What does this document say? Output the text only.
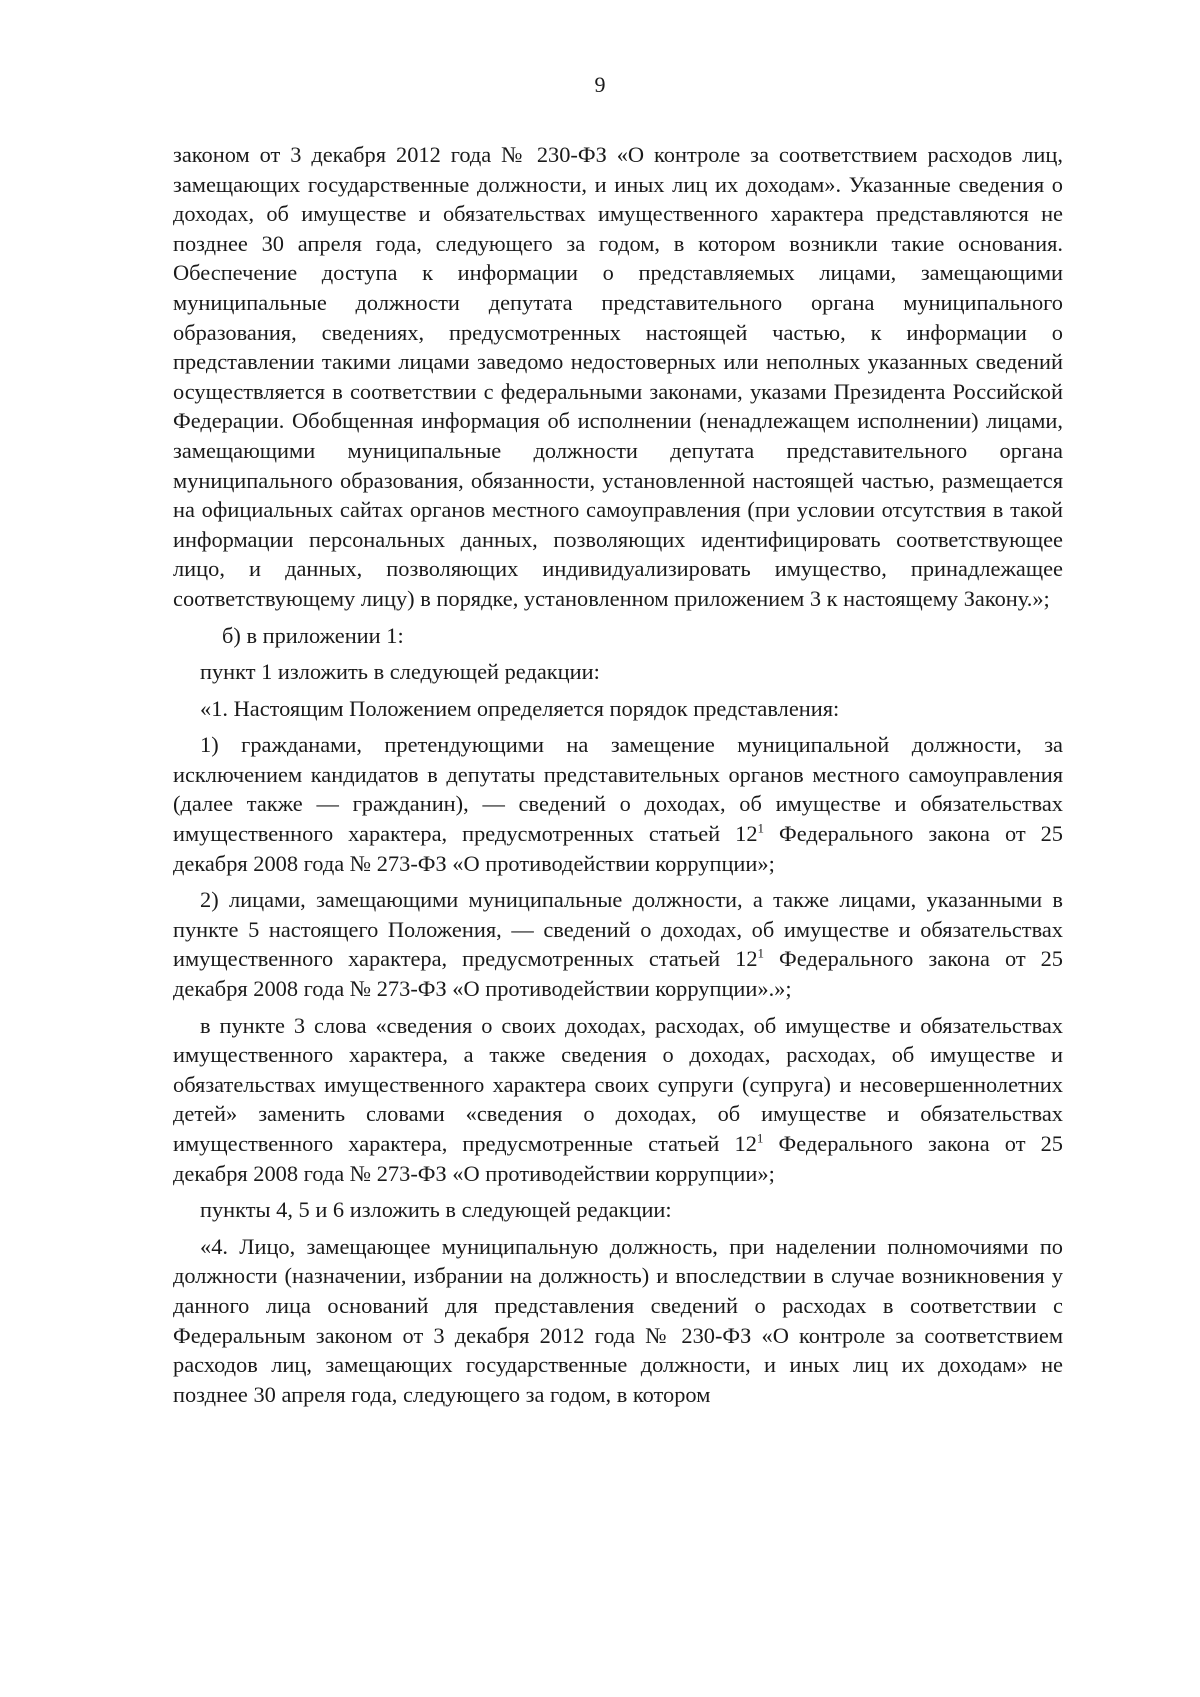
9

законом от 3 декабря 2012 года № 230-ФЗ «О контроле за соответствием расходов лиц, замещающих государственные должности, и иных лиц их доходам». Указанные сведения о доходах, об имуществе и обязательствах имущественного характера представляются не позднее 30 апреля года, следующего за годом, в котором возникли такие основания. Обеспечение доступа к информации о представляемых лицами, замещающими муниципальные должности депутата представительного органа муниципального образования, сведениях, предусмотренных настоящей частью, к информации о представлении такими лицами заведомо недостоверных или неполных указанных сведений осуществляется в соответствии с федеральными законами, указами Президента Российской Федерации. Обобщенная информация об исполнении (ненадлежащем исполнении) лицами, замещающими муниципальные должности депутата представительного органа муниципального образования, обязанности, установленной настоящей частью, размещается на официальных сайтах органов местного самоуправления (при условии отсутствия в такой информации персональных данных, позволяющих идентифицировать соответствующее лицо, и данных, позволяющих индивидуализировать имущество, принадлежащее соответствующему лицу) в порядке, установленном приложением 3 к настоящему Закону.»;

б) в приложении 1:

пункт 1 изложить в следующей редакции:

«1. Настоящим Положением определяется порядок представления:

1) гражданами, претендующими на замещение муниципальной должности, за исключением кандидатов в депутаты представительных органов местного самоуправления (далее также — гражданин), — сведений о доходах, об имуществе и обязательствах имущественного характера, предусмотренных статьей $12^1$ Федерального закона от 25 декабря 2008 года № 273-ФЗ «О противодействии коррупции»;

2) лицами, замещающими муниципальные должности, а также лицами, указанными в пункте 5 настоящего Положения, — сведений о доходах, об имуществе и обязательствах имущественного характера, предусмотренных статьей $12^1$ Федерального закона от 25 декабря 2008 года № 273-ФЗ «О противодействии коррупции».»;

в пункте 3 слова «сведения о своих доходах, расходах, об имуществе и обязательствах имущественного характера, а также сведения о доходах, расходах, об имуществе и обязательствах имущественного характера своих супруги (супруга) и несовершеннолетних детей» заменить словами «сведения о доходах, об имуществе и обязательствах имущественного характера, предусмотренные статьей $12^1$ Федерального закона от 25 декабря 2008 года № 273-ФЗ «О противодействии коррупции»;

пункты 4, 5 и 6 изложить в следующей редакции:

«4. Лицо, замещающее муниципальную должность, при наделении полномочиями по должности (назначении, избрании на должность) и впоследствии в случае возникновения у данного лица оснований для представления сведений о расходах в соответствии с Федеральным законом от 3 декабря 2012 года № 230-ФЗ «О контроле за соответствием расходов лиц, замещающих государственные должности, и иных лиц их доходам» не позднее 30 апреля года, следующего за годом, в котором
